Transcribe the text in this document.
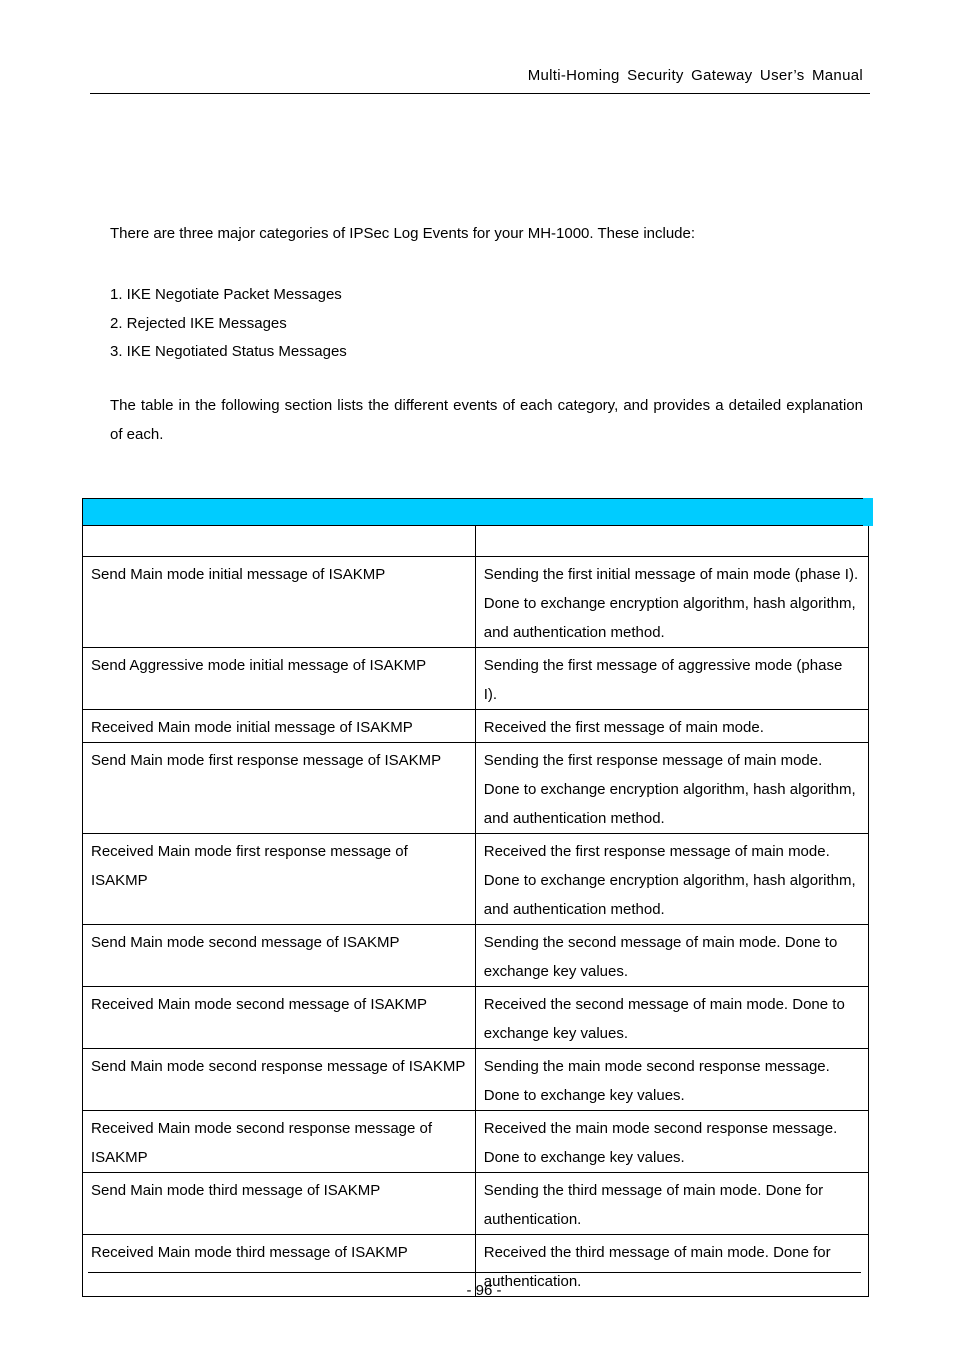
Multi-Homing Security Gateway User’s Manual

There are three major categories of IPSec Log Events for your MH-1000. These include:

1. IKE Negotiate Packet Messages
2. Rejected IKE Messages
3. IKE Negotiated Status Messages

The table in the following section lists the different events of each category, and provides a detailed explanation of each.

Send Main mode initial message of ISAKMP	Sending the first initial message of main mode (phase I). Done to exchange encryption algorithm, hash algorithm, and authentication method.
Send Aggressive mode initial message of ISAKMP	Sending the first message of aggressive mode (phase I).
Received Main mode initial message of ISAKMP	Received the first message of main mode.
Send Main mode first response message of ISAKMP	Sending the first response message of main mode. Done to exchange encryption algorithm, hash algorithm, and authentication method.
Received Main mode first response message of ISAKMP	Received the first response message of main mode. Done to exchange encryption algorithm, hash algorithm, and authentication method.
Send Main mode second message of ISAKMP	Sending the second message of main mode. Done to exchange key values.
Received Main mode second message of ISAKMP	Received the second message of main mode. Done to exchange key values.
Send Main mode second response message of ISAKMP	Sending the main mode second response message. Done to exchange key values.
Received Main mode second response message of ISAKMP	Received the main mode second response message. Done to exchange key values.
Send Main mode third message of ISAKMP	Sending the third message of main mode. Done for authentication.
Received Main mode third message of ISAKMP	Received the third message of main mode. Done for authentication.
- 96 -
